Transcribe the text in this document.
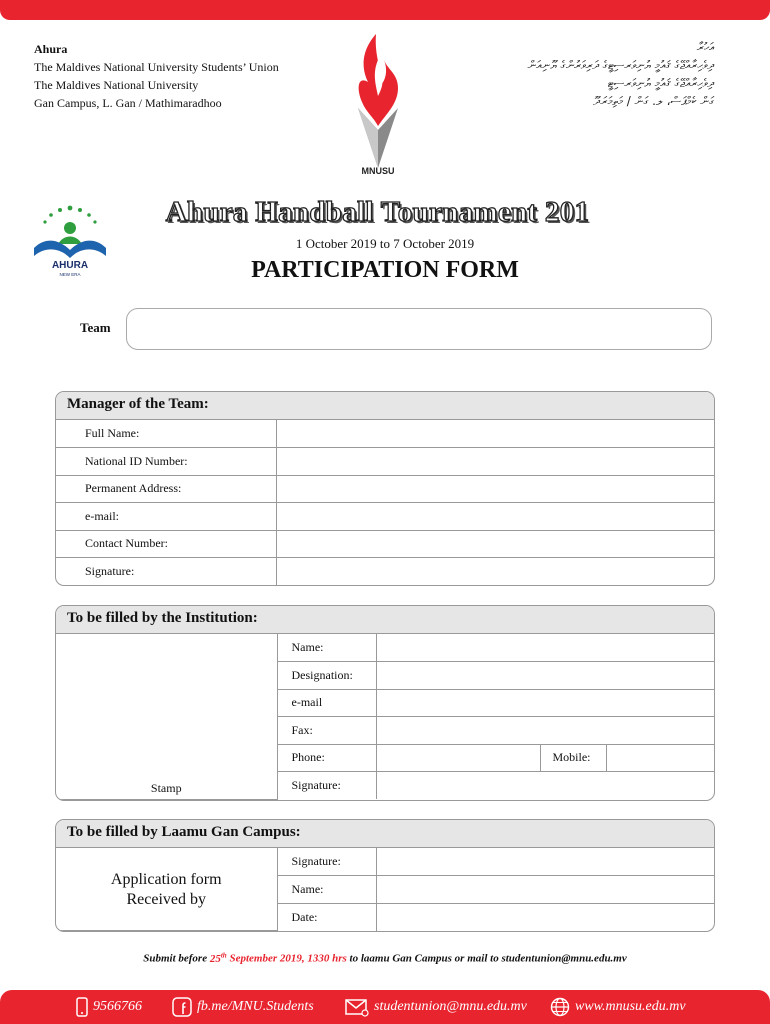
Ahura
The Maldives National University Students’ Union
The Maldives National University
Gan Campus, L. Gan / Mathimaradhoo
އަހުރާ
ދިވެހިރާއްޖޭގެ ޤައުމީ ޔުނިވަރސިޓީގެ ދަރިވަރުންގެ ޔޫނިއަން
ދިވެހިރާއްޖޭގެ ޤައުމީ ޔުނިވަރސިޓީ
ގަން ކެމްޕަސް، ލ. ގަން / މަތިމަރަދޫ
MNUSU
AHURA
NEW ERA
Ahura Handball Tournament 201
1 October 2019 to 7 October 2019
PARTICIPATION FORM
Team
Manager of the Team:
Full Name:	
National ID Number:	
Permanent Address:	
e-mail:	
Contact Number:	
Signature:	
To be filled by the Institution:
Stamp	Name:			
	Designation:			
	e-mail			
	Fax:			
	Phone:		Mobile:	
	Signature:			
To be filled by Laamu Gan Campus:
Application form
Received by	Signature:	
	Name:	
	Date:	
Submit before 25th September 2019, 1330 hrs to laamu Gan Campus or mail to studentunion@mnu.edu.mv
9566766	fb.me/MNU.Students	studentunion@mnu.edu.mv	www.mnusu.edu.mv
